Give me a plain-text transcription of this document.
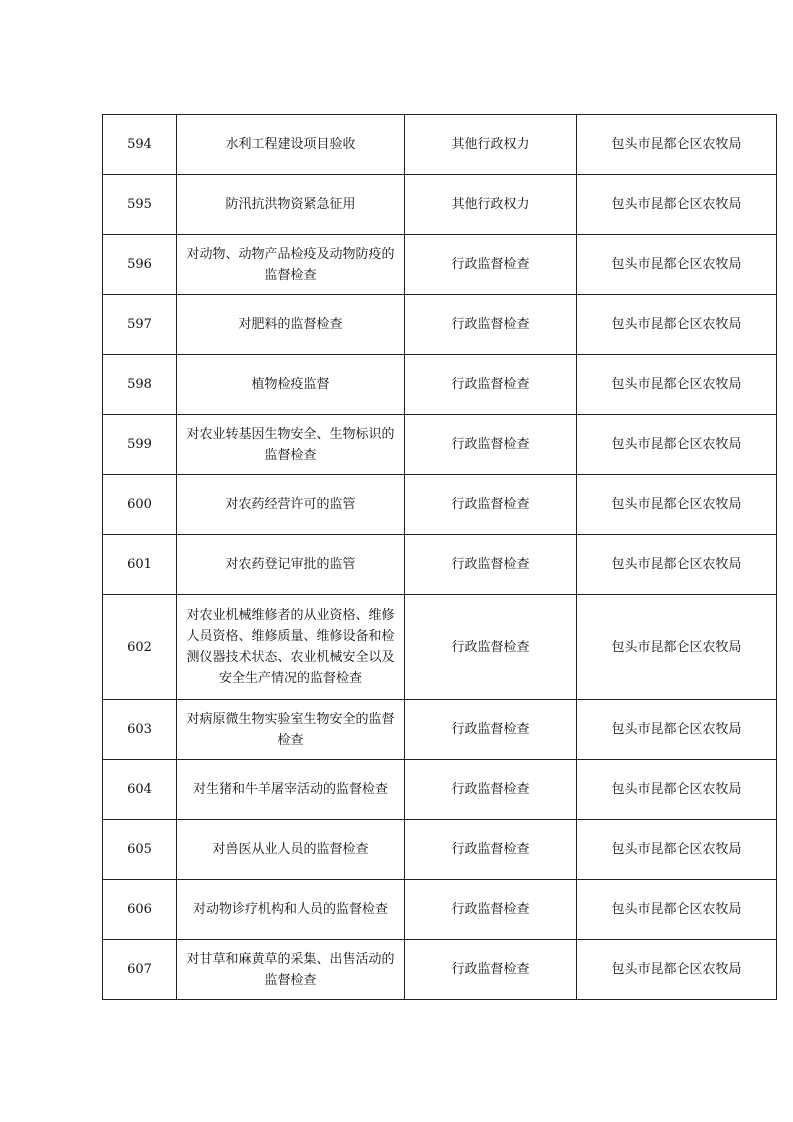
594	水利工程建设项目验收	其他行政权力	包头市昆都仑区农牧局
595	防汛抗洪物资紧急征用	其他行政权力	包头市昆都仑区农牧局
596	对动物、动物产品检疫及动物防疫的监督检查	行政监督检查	包头市昆都仑区农牧局
597	对肥料的监督检查	行政监督检查	包头市昆都仑区农牧局
598	植物检疫监督	行政监督检查	包头市昆都仑区农牧局
599	对农业转基因生物安全、生物标识的监督检查	行政监督检查	包头市昆都仑区农牧局
600	对农药经营许可的监管	行政监督检查	包头市昆都仑区农牧局
601	对农药登记审批的监管	行政监督检查	包头市昆都仑区农牧局
602	对农业机械维修者的从业资格、维修人员资格、维修质量、维修设备和检测仪器技术状态、农业机械安全以及安全生产情况的监督检查	行政监督检查	包头市昆都仑区农牧局
603	对病原微生物实验室生物安全的监督检查	行政监督检查	包头市昆都仑区农牧局
604	对生猪和牛羊屠宰活动的监督检查	行政监督检查	包头市昆都仑区农牧局
605	对兽医从业人员的监督检查	行政监督检查	包头市昆都仑区农牧局
606	对动物诊疗机构和人员的监督检查	行政监督检查	包头市昆都仑区农牧局
607	对甘草和麻黄草的采集、出售活动的监督检查	行政监督检查	包头市昆都仑区农牧局
